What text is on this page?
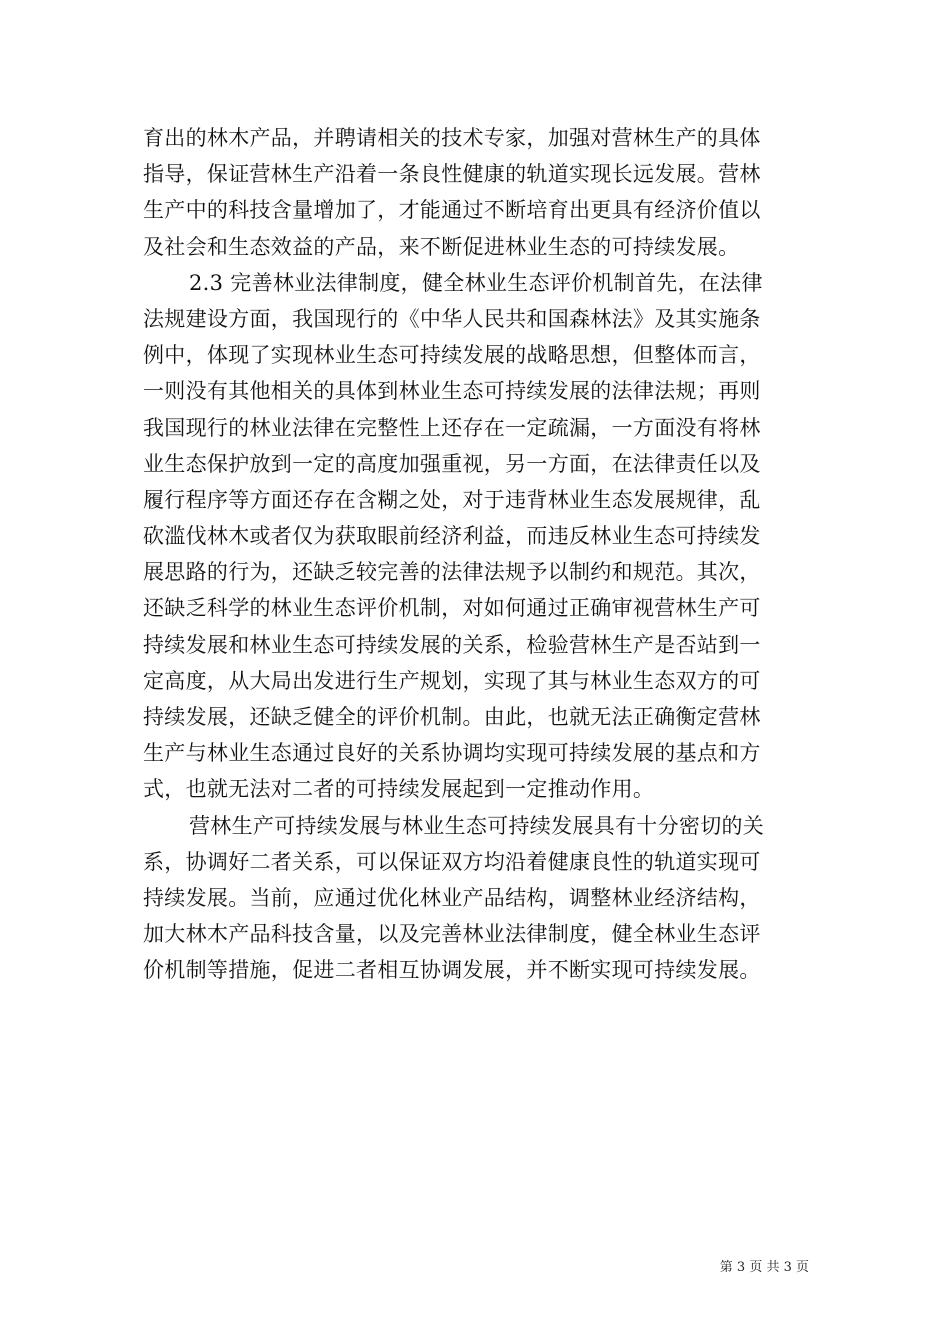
育出的林木产品，并聘请相关的技术专家，加强对营林生产的具体
指导，保证营林生产沿着一条良性健康的轨道实现长远发展。营林
生产中的科技含量增加了，才能通过不断培育出更具有经济价值以
及社会和生态效益的产品，来不断促进林业生态的可持续发展。
2.3 完善林业法律制度，健全林业生态评价机制首先，在法律
法规建设方面，我国现行的《中华人民共和国森林法》及其实施条
例中，体现了实现林业生态可持续发展的战略思想，但整体而言，
一则没有其他相关的具体到林业生态可持续发展的法律法规；再则
我国现行的林业法律在完整性上还存在一定疏漏，一方面没有将林
业生态保护放到一定的高度加强重视，另一方面，在法律责任以及
履行程序等方面还存在含糊之处，对于违背林业生态发展规律，乱
砍滥伐林木或者仅为获取眼前经济利益，而违反林业生态可持续发
展思路的行为，还缺乏较完善的法律法规予以制约和规范。其次，
还缺乏科学的林业生态评价机制，对如何通过正确审视营林生产可
持续发展和林业生态可持续发展的关系，检验营林生产是否站到一
定高度，从大局出发进行生产规划，实现了其与林业生态双方的可
持续发展，还缺乏健全的评价机制。由此，也就无法正确衡定营林
生产与林业生态通过良好的关系协调均实现可持续发展的基点和方
式，也就无法对二者的可持续发展起到一定推动作用。
营林生产可持续发展与林业生态可持续发展具有十分密切的关
系，协调好二者关系，可以保证双方均沿着健康良性的轨道实现可
持续发展。当前，应通过优化林业产品结构，调整林业经济结构，
加大林木产品科技含量，以及完善林业法律制度，健全林业生态评
价机制等措施，促进二者相互协调发展，并不断实现可持续发展。
第 3 页 共 3 页
